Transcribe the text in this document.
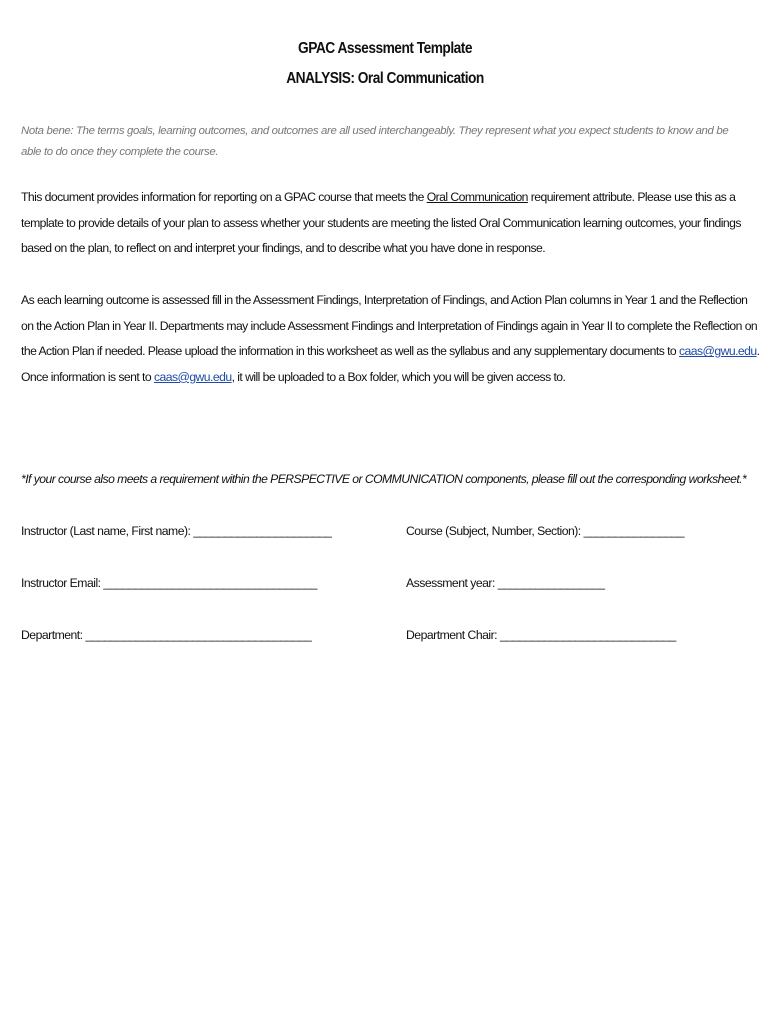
GPAC Assessment Template
ANALYSIS: Oral Communication
Nota bene: The terms goals, learning outcomes, and outcomes are all used interchangeably. They represent what you expect students to know and be able to do once they complete the course.
This document provides information for reporting on a GPAC course that meets the Oral Communication requirement attribute. Please use this as a template to provide details of your plan to assess whether your students are meeting the listed Oral Communication learning outcomes, your findings based on the plan, to reflect on and interpret your findings, and to describe what you have done in response.
As each learning outcome is assessed fill in the Assessment Findings, Interpretation of Findings, and Action Plan columns in Year 1 and the Reflection on the Action Plan in Year II. Departments may include Assessment Findings and Interpretation of Findings again in Year II to complete the Reflection on the Action Plan if needed. Please upload the information in this worksheet as well as the syllabus and any supplementary documents to caas@gwu.edu. Once information is sent to caas@gwu.edu, it will be uploaded to a Box folder, which you will be given access to.
*If your course also meets a requirement within the PERSPECTIVE or COMMUNICATION components, please fill out the corresponding worksheet.*
Instructor (Last name, First name): ______________________	Course (Subject, Number, Section): ________________
Instructor Email: __________________________________	Assessment year: _________________
Department: ____________________________________	Department Chair: ____________________________
